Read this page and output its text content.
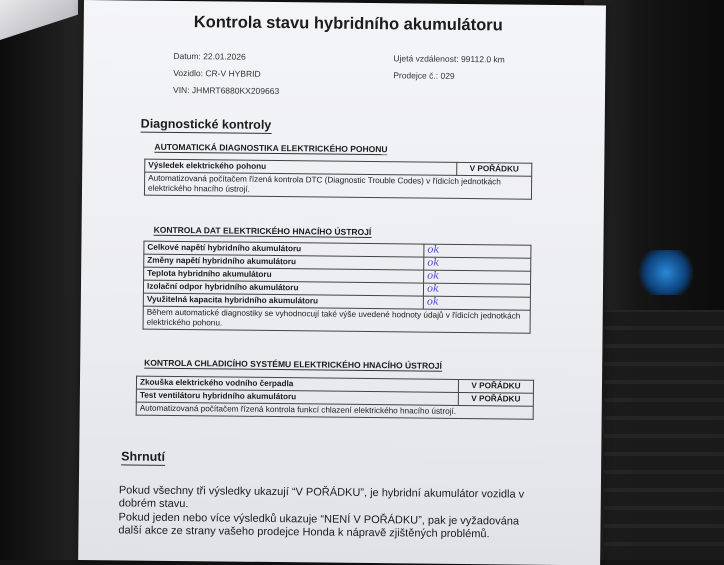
Kontrola stavu hybridního akumulátoru
Datum: 22.01.2026	Ujetá vzdálenost: 99112.0 km
Vozidlo: CR-V HYBRID	Prodejce č.: 029
VIN: JHMRT6880KX209663
Diagnostické kontroly
AUTOMATICKÁ DIAGNOSTIKA ELEKTRICKÉHO POHONU
Výsledek elektrického pohonu	V POŘÁDKU
Automatizovaná počítačem řízená kontrola DTC (Diagnostic Trouble Codes) v řídicích jednotkách elektrického hnacího ústrojí.
KONTROLA DAT ELEKTRICKÉHO HNACÍHO ÚSTROJÍ
Celkové napětí hybridního akumulátoru	ok
Změny napětí hybridního akumulátoru	ok
Teplota hybridního akumulátoru	ok
Izolační odpor hybridního akumulátoru	ok
Využitelná kapacita hybridního akumulátoru	ok
Během automatické diagnostiky se vyhodnocují také výše uvedené hodnoty údajů v řídicích jednotkách elektrického pohonu.	
KONTROLA CHLADICÍHO SYSTÉMU ELEKTRICKÉHO HNACÍHO ÚSTROJÍ
Zkouška elektrického vodního čerpadla	V POŘÁDKU
Test ventilátoru hybridního akumulátoru	V POŘÁDKU
Automatizovaná počítačem řízená kontrola funkcí chlazení elektrického hnacího ústrojí.	
Shrnutí
Pokud všechny tři výsledky ukazují “V POŘÁDKU”, je hybridní akumulátor vozidla v dobrém stavu.
Pokud jeden nebo více výsledků ukazuje “NENÍ V POŘÁDKU”, pak je vyžadována další akce ze strany vašeho prodejce Honda k nápravě zjištěných problémů.
